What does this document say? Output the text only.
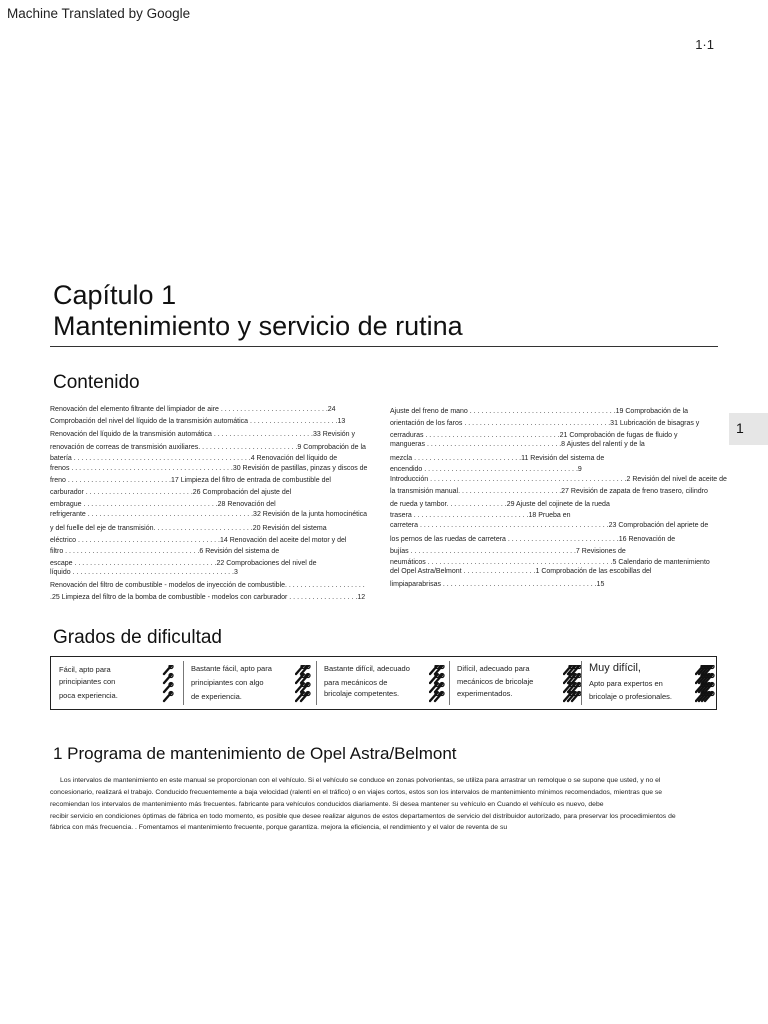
Machine Translated by Google
1·1
Capítulo 1
Mantenimiento y servicio de rutina
Contenido
Renovación del elemento filtrante del limpiador de aire . . . . . . . . . . . . . . . . . . . . . . . . . . . .24
Comprobación del nivel del líquido de la transmisión automática . . . . . . . . . . . . . . . . . . . . . . .13
Renovación del líquido de la transmisión automática . . . . . . . . . . . . . . . . . . . . . . . . . .33 Revisión y
renovación de correas de transmisión auxiliares. . . . . . . . . . . . . . . . . . . . . . . . . .9 Comprobación de la
batería . . . . . . . . . . . . . . . . . . . . . . . . . . . . . . . . . . . . . . . . . . . . . .4 Renovación del líquido de
frenos . . . . . . . . . . . . . . . . . . . . . . . . . . . . . . . . . . . . . . . . . .30 Revisión de pastillas, pinzas y discos de
freno . . . . . . . . . . . . . . . . . . . . . . . . . . .17 Limpieza del filtro de entrada de combustible del
carburador . . . . . . . . . . . . . . . . . . . . . . . . . . . .26 Comprobación del ajuste del
embrague . . . . . . . . . . . . . . . . . . . . . . . . . . . . . . . . . . .28 Renovación del
refrigerante . . . . . . . . . . . . . . . . . . . . . . . . . . . . . . . . . . . . . . . . . . .32 Revisión de la junta homocinética
y del fuelle del eje de transmisión. . . . . . . . . . . . . . . . . . . . . . . . . .20 Revisión del sistema
eléctrico . . . . . . . . . . . . . . . . . . . . . . . . . . . . . . . . . . . . .14 Renovación del aceite del motor y del
filtro . . . . . . . . . . . . . . . . . . . . . . . . . . . . . . . . . . .6 Revisión del sistema de
escape . . . . . . . . . . . . . . . . . . . . . . . . . . . . . . . . . . . . .22 Comprobaciones del nivel de
líquido . . . . . . . . . . . . . . . . . . . . . . . . . . . . . . . . . . . . . . . . . .3
Renovación del filtro de combustible - modelos de inyección de combustible. . . . . . . . . . . . . . . . . . . . .
.25 Limpieza del filtro de la bomba de combustible - modelos con carburador . . . . . . . . . . . . . . . . . .12
Ajuste del freno de mano . . . . . . . . . . . . . . . . . . . . . . . . . . . . . . . . . . . . . .19 Comprobación de la
orientación de los faros . . . . . . . . . . . . . . . . . . . . . . . . . . . . . . . . . . . . . .31 Lubricación de bisagras y
cerraduras . . . . . . . . . . . . . . . . . . . . . . . . . . . . . . . . . . .21 Comprobación de fugas de fluido y
mangueras . . . . . . . . . . . . . . . . . . . . . . . . . . . . . . . . . . .8 Ajustes del ralentí y de la
mezcla . . . . . . . . . . . . . . . . . . . . . . . . . . . .11 Revisión del sistema de
encendido . . . . . . . . . . . . . . . . . . . . . . . . . . . . . . . . . . . . . . . .9
Introducción . . . . . . . . . . . . . . . . . . . . . . . . . . . . . . . . . . . . . . . . . . . . . . . . . . .2 Revisión del nivel de aceite de
la transmisión manual. . . . . . . . . . . . . . . . . . . . . . . . . . .27 Revisión de zapata de freno trasero, cilindro
de rueda y tambor. . . . . . . . . . . . . . . .29 Ajuste del cojinete de la rueda
trasera . . . . . . . . . . . . . . . . . . . . . . . . . . . . . .18 Prueba en
carretera . . . . . . . . . . . . . . . . . . . . . . . . . . . . . . . . . . . . . . . . . . . . . . . . .23 Comprobación del apriete de
los pernos de las ruedas de carretera . . . . . . . . . . . . . . . . . . . . . . . . . . . . .16 Renovación de
bujías . . . . . . . . . . . . . . . . . . . . . . . . . . . . . . . . . . . . . . . . . . .7 Revisiones de
neumáticos . . . . . . . . . . . . . . . . . . . . . . . . . . . . . . . . . . . . . . . . . . . . . . . .5 Calendario de mantenimiento
del Opel Astra/Belmont . . . . . . . . . . . . . . . . . . .1 Comprobación de las escobillas del
limpiaparabrisas . . . . . . . . . . . . . . . . . . . . . . . . . . . . . . . . . . . . . . . .15
1
Grados de dificultad
Fácil, apto para
principiantes con
poca experiencia.
Bastante fácil, apto para
principiantes con algo
de experiencia.
Bastante difícil, adecuado
para mecánicos de
bricolaje competentes.
Difícil, adecuado para
mecánicos de bricolaje
experimentados.
Muy difícil,
Apto para expertos en
bricolaje o profesionales.
1 Programa de mantenimiento de Opel Astra/Belmont
Los intervalos de mantenimiento en este manual se proporcionan con el vehículo. Si el vehículo se conduce en zonas polvorientas, se utiliza para arrastrar un remolque o se supone que usted, y no el
concesionario, realizará el trabajo. Conducido frecuentemente a baja velocidad (ralentí en el tráfico) o en viajes cortos, estos son los intervalos de mantenimiento mínimos recomendados, mientras que se
recomiendan los intervalos de mantenimiento más frecuentes. fabricante para vehículos conducidos diariamente. Si desea mantener su vehículo en Cuando el vehículo es nuevo, debe
recibir servicio en condiciones óptimas de fábrica en todo momento, es posible que desee realizar algunos de estos departamentos de servicio del distribuidor autorizado, para preservar los procedimientos de
fábrica con más frecuencia. . Fomentamos el mantenimiento frecuente, porque garantiza. mejora la eficiencia, el rendimiento y el valor de reventa de su
